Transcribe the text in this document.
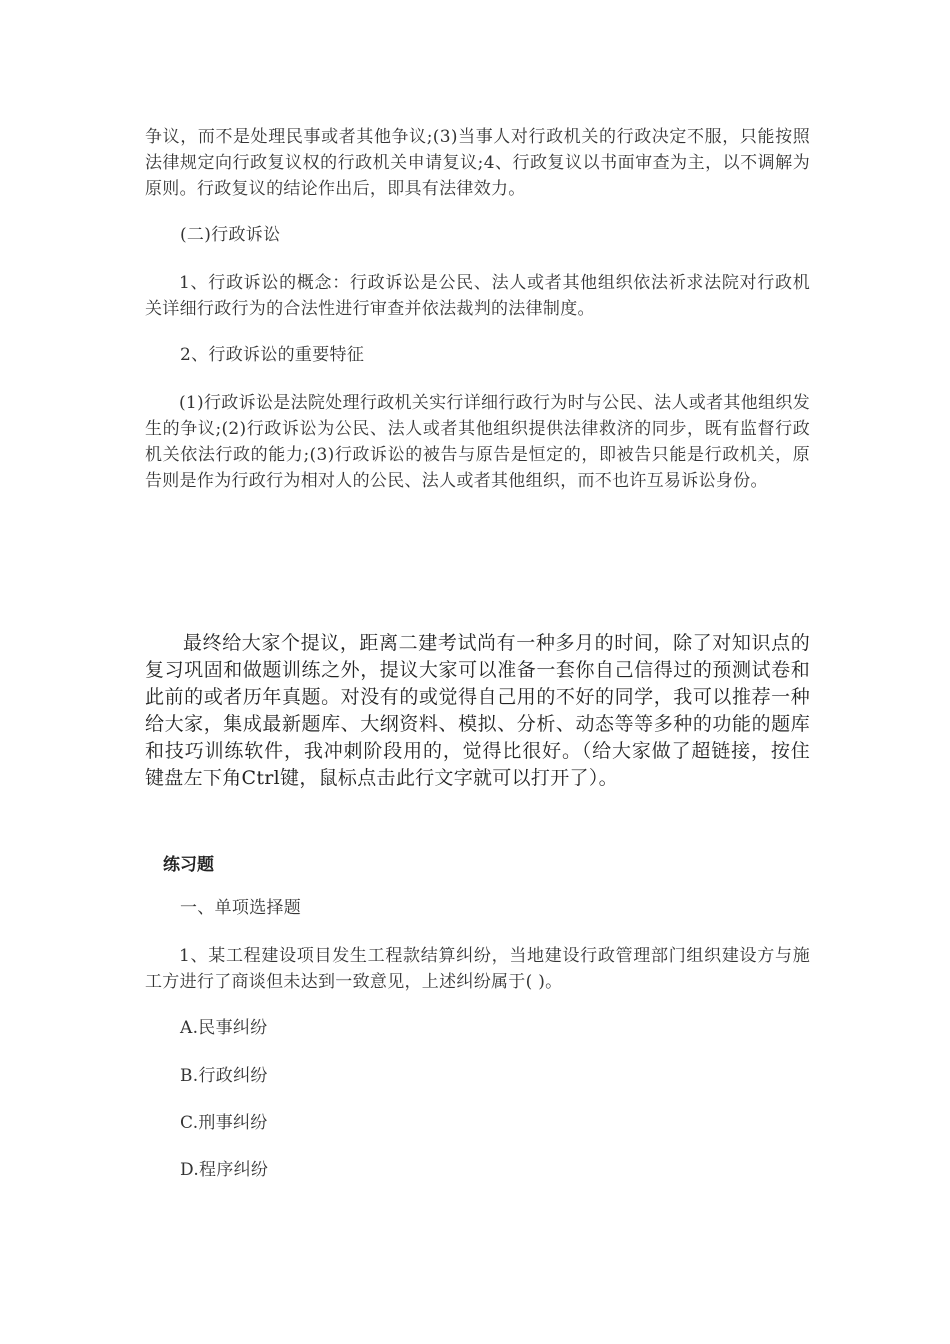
争议，而不是处理民事或者其他争议;(3)当事人对行政机关的行政决定不服，只能按照法律规定向行政复议权的行政机关申请复议;4、行政复议以书面审查为主，以不调解为原则。行政复议的结论作出后，即具有法律效力。

(二)行政诉讼

1、行政诉讼的概念：行政诉讼是公民、法人或者其他组织依法祈求法院对行政机关详细行政行为的合法性进行审查并依法裁判的法律制度。

2、行政诉讼的重要特征

(1)行政诉讼是法院处理行政机关实行详细行政行为时与公民、法人或者其他组织发生的争议;(2)行政诉讼为公民、法人或者其他组织提供法律救济的同步，既有监督行政机关依法行政的能力;(3)行政诉讼的被告与原告是恒定的，即被告只能是行政机关，原告则是作为行政行为相对人的公民、法人或者其他组织，而不也许互易诉讼身份。

最终给大家个提议，距离二建考试尚有一种多月的时间，除了对知识点的复习巩固和做题训练之外，提议大家可以准备一套你自己信得过的预测试卷和此前的或者历年真题。对没有的或觉得自己用的不好的同学，我可以推荐一种给大家，集成最新题库、大纲资料、模拟、分析、动态等等多种的功能的题库和技巧训练软件，我冲刺阶段用的，觉得比很好。（给大家做了超链接，按住键盘左下角Ctrl键，鼠标点击此行文字就可以打开了）。

练习题

一、单项选择题

1、某工程建设项目发生工程款结算纠纷，当地建设行政管理部门组织建设方与施工方进行了商谈但未达到一致意见，上述纠纷属于( )。

A.民事纠纷

B.行政纠纷

C.刑事纠纷

D.程序纠纷
